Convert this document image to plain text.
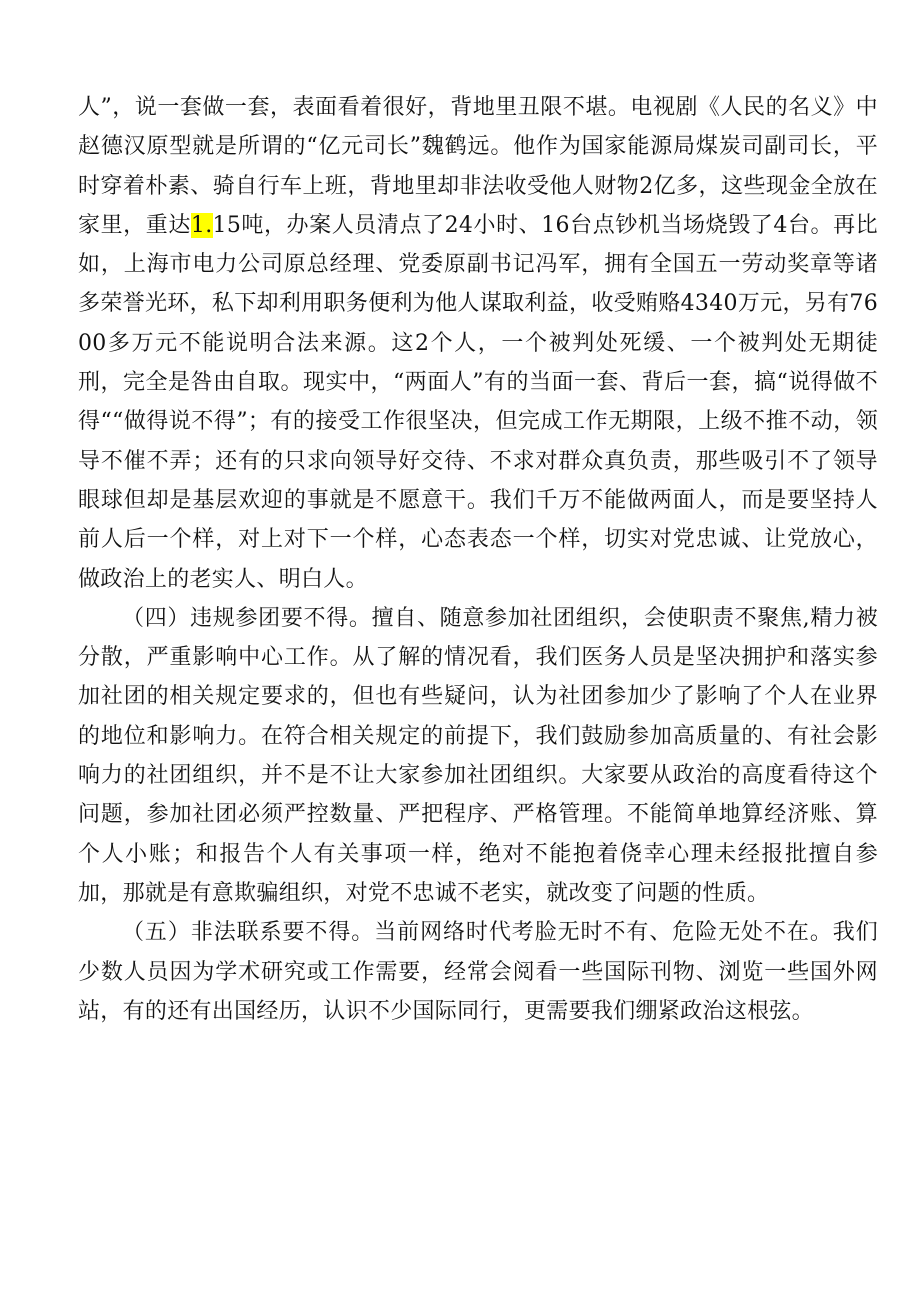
人”，说一套做一套，表面看着很好，背地里丑限不堪。电视剧《人民的名义》中赵德汉原型就是所谓的“亿元司长”魏鹤远。他作为国家能源局煤炭司副司长，平时穿着朴素、骑自行车上班，背地里却非法收受他人财物2亿多，这些现金全放在家里，重达1.15吨，办案人员清点了24小时、16台点钞机当场烧毁了4台。再比如，上海市电力公司原总经理、党委原副书记冯军，拥有全国五一劳动奖章等诸多荣誉光环，私下却利用职务便利为他人谋取利益，收受贿赂4340万元，另有7600多万元不能说明合法来源。这2个人，一个被判处死缓、一个被判处无期徒刑，完全是咎由自取。现实中，“两面人”有的当面一套、背后一套，搞“说得做不得““做得说不得”；有的接受工作很坚决，但完成工作无期限，上级不推不动，领导不催不弄；还有的只求向领导好交待、不求对群众真负责，那些吸引不了领导眼球但却是基层欢迎的事就是不愿意干。我们千万不能做两面人，而是要坚持人前人后一个样，对上对下一个样，心态表态一个样，切实对党忠诚、让党放心，做政治上的老实人、明白人。
（四）违规参团要不得。擅自、随意参加社团组织，会使职责不聚焦,精力被分散，严重影响中心工作。从了解的情况看，我们医务人员是坚决拥护和落实参加社团的相关规定要求的，但也有些疑问，认为社团参加少了影响了个人在业界的地位和影响力。在符合相关规定的前提下，我们鼓励参加高质量的、有社会影响力的社团组织，并不是不让大家参加社团组织。大家要从政治的高度看待这个问题，参加社团必须严控数量、严把程序、严格管理。不能简单地算经济账、算个人小账；和报告个人有关事项一样，绝对不能抱着侥幸心理未经报批擅自参加，那就是有意欺骗组织，对党不忠诚不老实，就改变了问题的性质。
（五）非法联系要不得。当前网络时代考脸无时不有、危险无处不在。我们少数人员因为学术研究或工作需要，经常会阅看一些国际刊物、浏览一些国外网站，有的还有出国经历，认识不少国际同行，更需要我们绷紧政治这根弦。
